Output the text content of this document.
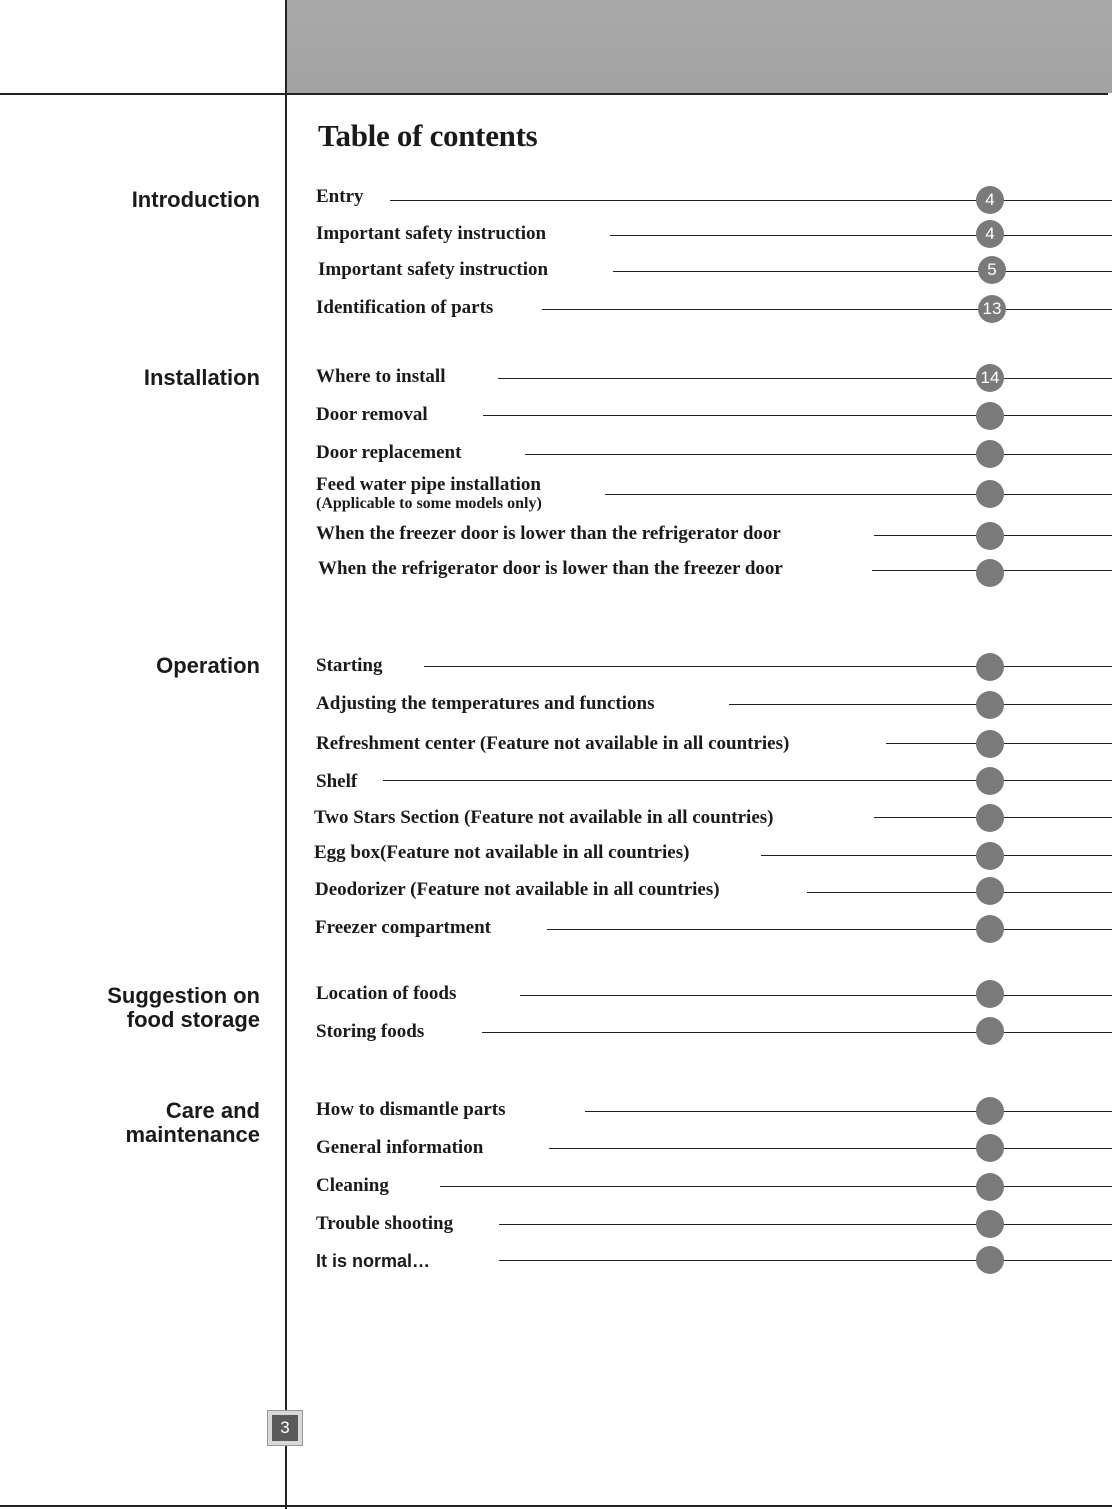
Table of contents
Introduction
Installation
Operation
Suggestion on
food storage
Care and
maintenance
Entry	4
Important safety instruction	4
Important safety instruction	5
Identification of parts	13
Where to install	14
Door removal
Door replacement
Feed water pipe installation
(Applicable to some models only)
When the freezer door is lower than the refrigerator door
When the refrigerator door is lower than the freezer door
Starting
Adjusting the temperatures and functions
Refreshment center (Feature not available in all countries)
Shelf
Two Stars Section (Feature not available in all countries)
Egg box(Feature not available in all countries)
Deodorizer (Feature not available in all countries)
Freezer compartment
Location of foods
Storing foods
How to dismantle parts
General information
Cleaning
Trouble shooting
It is normal…
3
